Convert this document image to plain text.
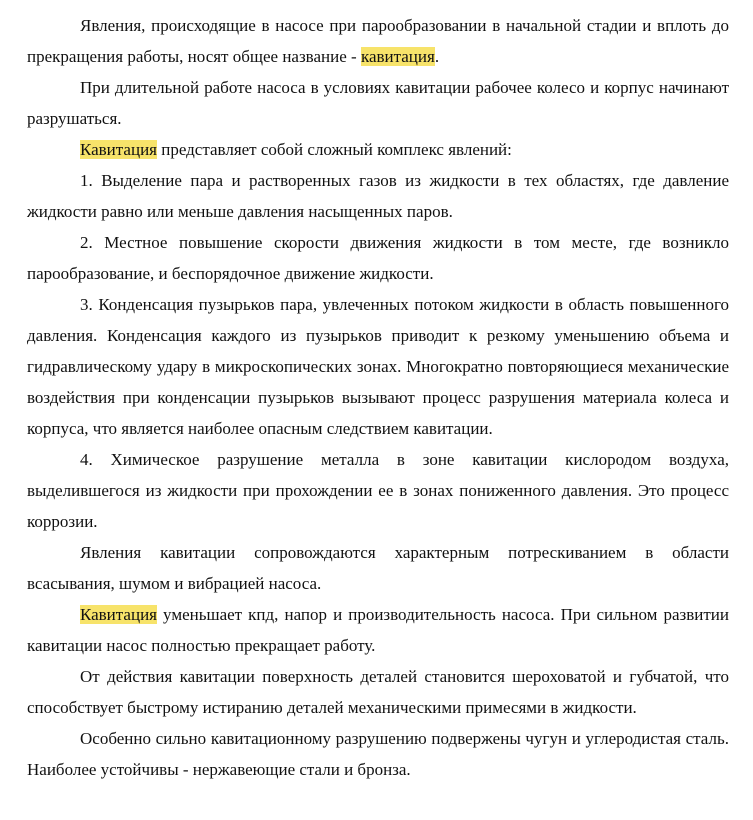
Явления, происходящие в насосе при парообразовании в начальной стадии и вплоть до прекращения работы, носят общее название - кавитация.

При длительной работе насоса в условиях кавитации рабочее колесо и корпус начинают разрушаться.

Кавитация представляет собой сложный комплекс явлений:

1. Выделение пара и растворенных газов из жидкости в тех областях, где давление жидкости равно или меньше давления насыщенных паров.

2. Местное повышение скорости движения жидкости в том месте, где возникло парообразование, и беспорядочное движение жидкости.

3. Конденсация пузырьков пара, увлеченных потоком жидкости в область повышенного давления. Конденсация каждого из пузырьков приводит к резкому уменьшению объема и гидравлическому удару в микроскопических зонах. Многократно повторяющиеся механические воздействия при конденсации пузырьков вызывают процесс разрушения материала колеса и корпуса, что является наиболее опасным следствием кавитации.

4. Химическое разрушение металла в зоне кавитации кислородом воздуха, выделившегося из жидкости при прохождении ее в зонах пониженного давления. Это процесс коррозии.

Явления кавитации сопровождаются характерным потрескиванием в области всасывания, шумом и вибрацией насоса.

Кавитация уменьшает кпд, напор и производительность насоса. При сильном развитии кавитации насос полностью прекращает работу.

От действия кавитации поверхность деталей становится шероховатой и губчатой, что способствует быстрому истиранию деталей механическими примесями в жидкости.

Особенно сильно кавитационному разрушению подвержены чугун и углеродистая сталь. Наиболее устойчивы - нержавеющие стали и бронза.
